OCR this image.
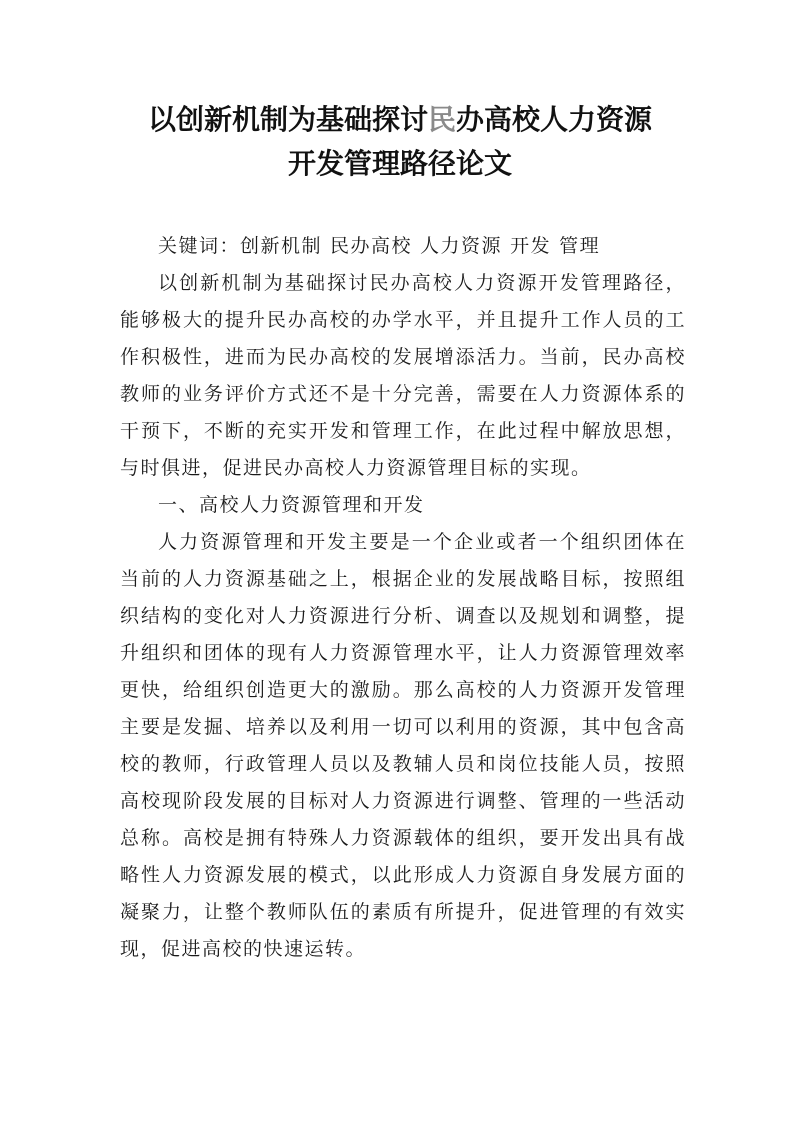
以创新机制为基础探讨民办高校人力资源
开发管理路径论文

关键词：创新机制 民办高校 人力资源 开发 管理

以创新机制为基础探讨民办高校人力资源开发管理路径，能够极大的提升民办高校的办学水平，并且提升工作人员的工作积极性，进而为民办高校的发展增添活力。当前，民办高校教师的业务评价方式还不是十分完善，需要在人力资源体系的干预下，不断的充实开发和管理工作，在此过程中解放思想，与时俱进，促进民办高校人力资源管理目标的实现。

一、高校人力资源管理和开发

人力资源管理和开发主要是一个企业或者一个组织团体在当前的人力资源基础之上，根据企业的发展战略目标，按照组织结构的变化对人力资源进行分析、调查以及规划和调整，提升组织和团体的现有人力资源管理水平，让人力资源管理效率更快，给组织创造更大的激励。那么高校的人力资源开发管理主要是发掘、培养以及利用一切可以利用的资源，其中包含高校的教师，行政管理人员以及教辅人员和岗位技能人员，按照高校现阶段发展的目标对人力资源进行调整、管理的一些活动总称。高校是拥有特殊人力资源载体的组织，要开发出具有战略性人力资源发展的模式，以此形成人力资源自身发展方面的凝聚力，让整个教师队伍的素质有所提升，促进管理的有效实现，促进高校的快速运转。
